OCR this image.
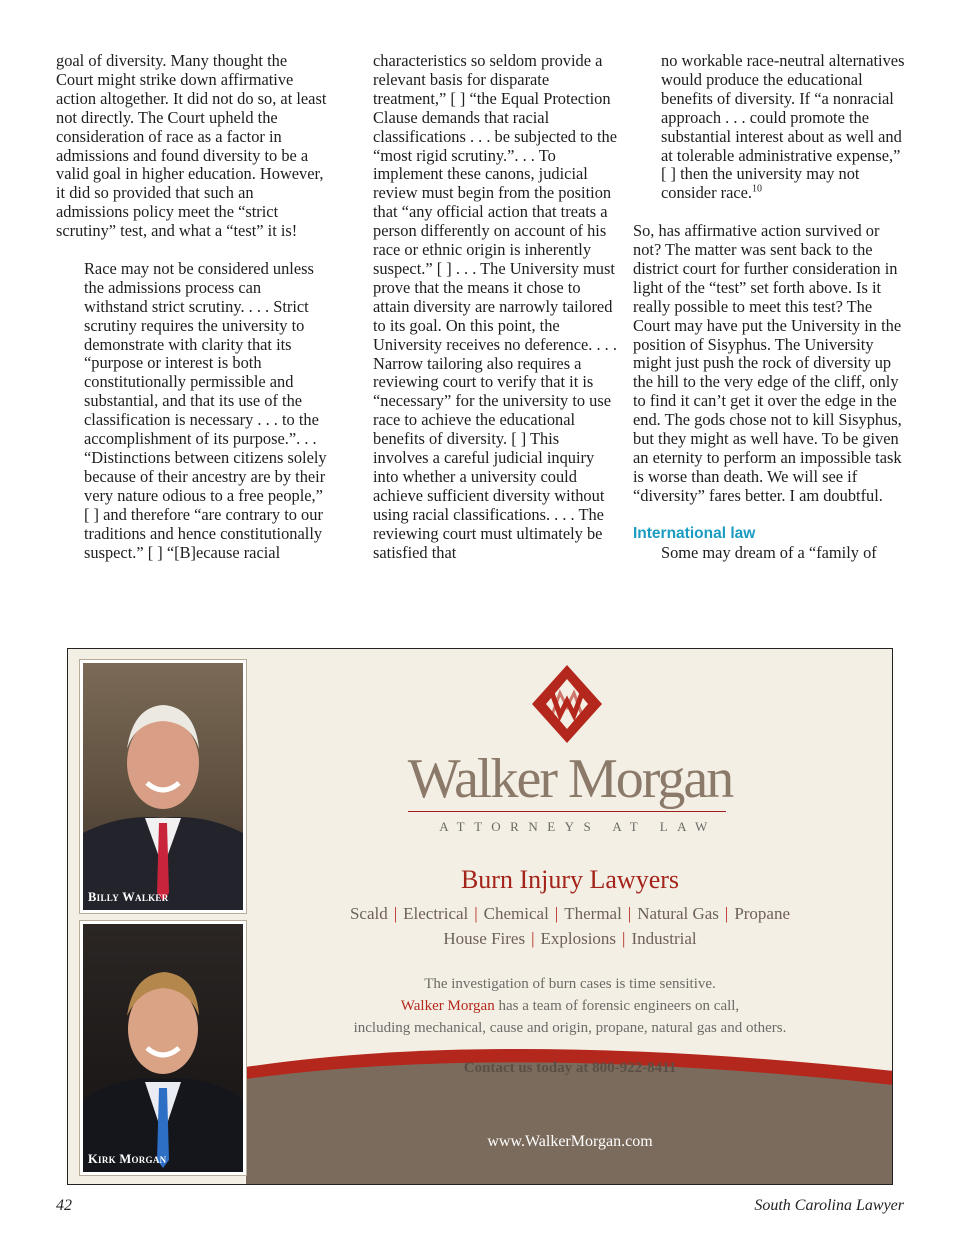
goal of diversity. Many thought the Court might strike down affirmative action altogether. It did not do so, at least not directly. The Court upheld the consideration of race as a factor in admissions and found diversity to be a valid goal in higher education. However, it did so provided that such an admissions policy meet the “strict scrutiny” test, and what a “test” it is!

Race may not be considered unless the admissions process can withstand strict scrutiny. . . . Strict scrutiny requires the university to demonstrate with clarity that its “purpose or interest is both constitutionally permissible and substantial, and that its use of the classification is necessary . . . to the accomplishment of its purpose.”. . . “Distinctions between citizens solely because of their ancestry are by their very nature odious to a free people,” [ ] and therefore “are contrary to our traditions and hence constitutionally suspect.” [ ] “[B]ecause racial

characteristics so seldom provide a relevant basis for disparate treatment,” [ ] “the Equal Protection Clause demands that racial classifications . . . be subjected to the “most rigid scrutiny.”. . . To implement these canons, judicial review must begin from the position that “any official action that treats a person differently on account of his race or ethnic origin is inherently suspect.” [ ] . . . The University must prove that the means it chose to attain diversity are narrowly tailored to its goal. On this point, the University receives no deference. . . . Narrow tailoring also requires a reviewing court to verify that it is “necessary” for the university to use race to achieve the educational benefits of diversity. [ ] This involves a careful judicial inquiry into whether a university could achieve sufficient diversity without using racial classifications. . . . The reviewing court must ultimately be satisfied that

no workable race-neutral alternatives would produce the educational benefits of diversity. If “a nonracial approach . . . could promote the substantial interest about as well and at tolerable administrative expense,” [ ] then the university may not consider race.$^{10}$

So, has affirmative action survived or not? The matter was sent back to the district court for further consideration in light of the “test” set forth above. Is it really possible to meet this test? The Court may have put the University in the position of Sisyphus. The University might just push the rock of diversity up the hill to the very edge of the cliff, only to find it can’t get it over the edge in the end. The gods chose not to kill Sisyphus, but they might as well have. To be given an eternity to perform an impossible task is worse than death. We will see if “diversity” fares better. I am doubtful.

International law

Some may dream of a “family of

Billy Walker
Kirk Morgan
Walker Morgan
ATTORNEYS AT LAW
Burn Injury Lawyers
Scald | Electrical | Chemical | Thermal | Natural Gas | Propane
House Fires | Explosions | Industrial
The investigation of burn cases is time sensitive.
Walker Morgan has a team of forensic engineers on call,
including mechanical, cause and origin, propane, natural gas and others.
Contact us today at 800-922-8411
www.WalkerMorgan.com
42	South Carolina Lawyer
